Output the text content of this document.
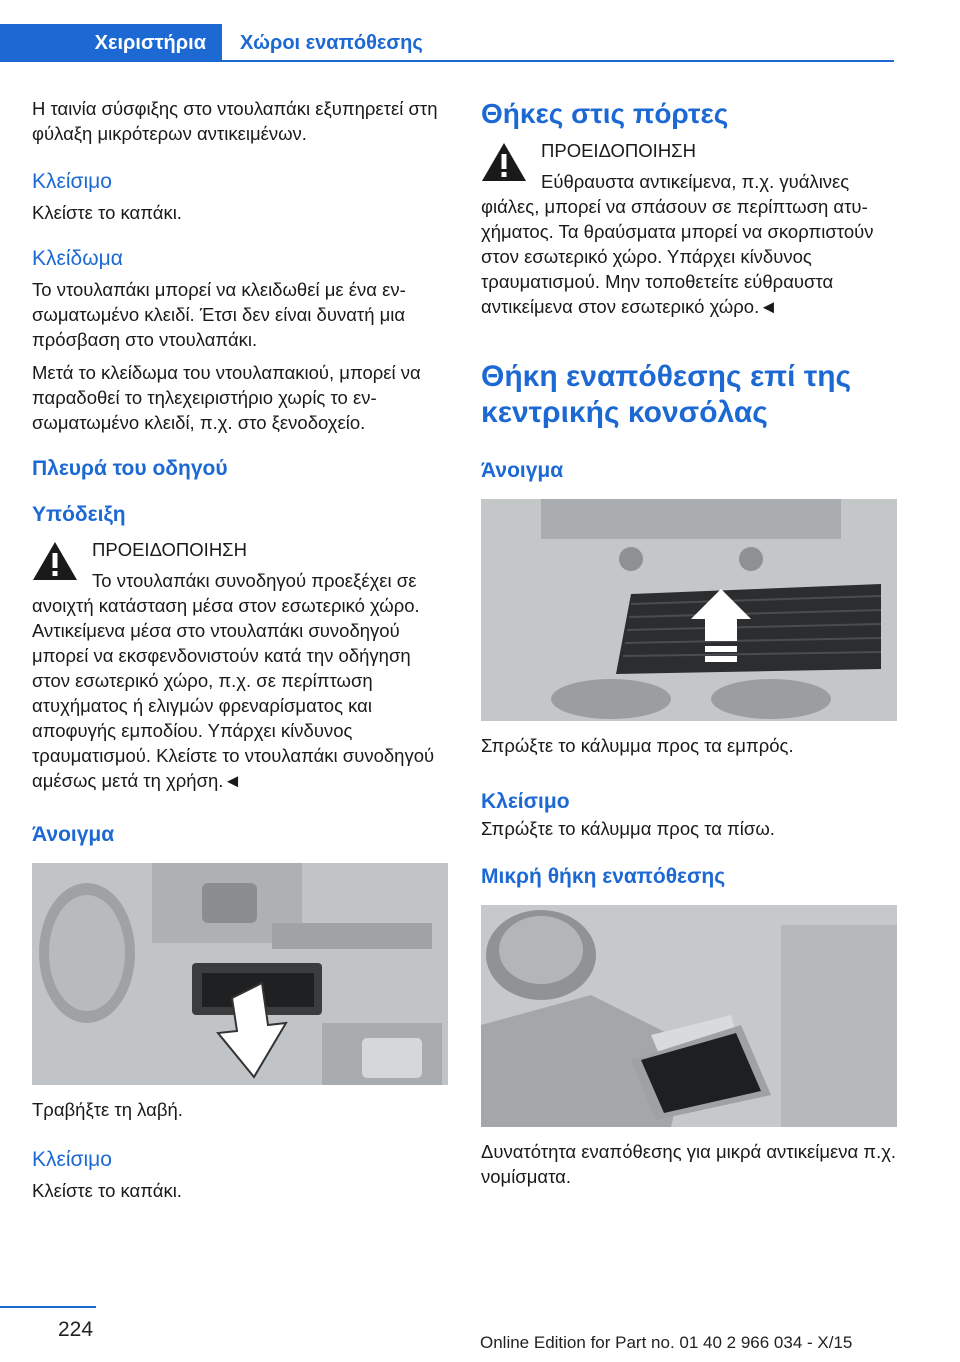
Χειριστήρια	Χώροι εναπόθεσης

Η ταινία σύσφιξης στο ντουλαπάκι εξυπηρετεί στη φύλαξη μικρότερων αντικειμένων.

Κλείσιμο

Κλείστε το καπάκι.

Κλείδωμα

Το ντουλαπάκι μπορεί να κλειδωθεί με ένα ενσωματωμένο κλειδί. Έτσι δεν είναι δυνατή μια πρόσβαση στο ντουλαπάκι.

Μετά το κλείδωμα του ντουλαπακιού, μπορεί να παραδοθεί το τηλεχειριστήριο χωρίς το ενσωματωμένο κλειδί, π.χ. στο ξενοδοχείο.

Πλευρά του οδηγού
Υπόδειξη
ΠΡΟΕΙΔΟΠΟΙΗΣΗ

Το ντουλαπάκι συνοδηγού προεξέχει σε ανοιχτή κατάσταση μέσα στον εσωτερικό χώρο. Αντικείμενα μέσα στο ντουλαπάκι συνοδηγού μπορεί να εκσφενδονιστούν κατά την οδήγηση στον εσωτερικό χώρο, π.χ. σε περίπτωση ατυχήματος ή ελιγμών φρεναρίσματος και αποφυγής εμποδίου. Υπάρχει κίνδυνος τραυματισμού. Κλείστε το ντουλαπάκι συνοδηγού αμέσως μετά τη χρήση.◄

Άνοιγμα

Τραβήξτε τη λαβή.

Κλείσιμο

Κλείστε το καπάκι.

Θήκες στις πόρτες
ΠΡΟΕΙΔΟΠΟΙΗΣΗ

Εύθραυστα αντικείμενα, π.χ. γυάλινες φιάλες, μπορεί να σπάσουν σε περίπτωση ατυχήματος. Τα θραύσματα μπορεί να σκορπιστούν στον εσωτερικό χώρο. Υπάρχει κίνδυνος τραυματισμού. Μην τοποθετείτε εύθραυστα αντικείμενα στον εσωτερικό χώρο.◄

Θήκη εναπόθεσης επί της κεντρικής κονσόλας
Άνοιγμα

Σπρώξτε το κάλυμμα προς τα εμπρός.

Κλείσιμο

Σπρώξτε το κάλυμμα προς τα πίσω.

Μικρή θήκη εναπόθεσης

Δυνατότητα εναπόθεσης για μικρά αντικείμενα π.χ. νομίσματα.

224
Online Edition for Part no. 01 40 2 966 034 - X/15
